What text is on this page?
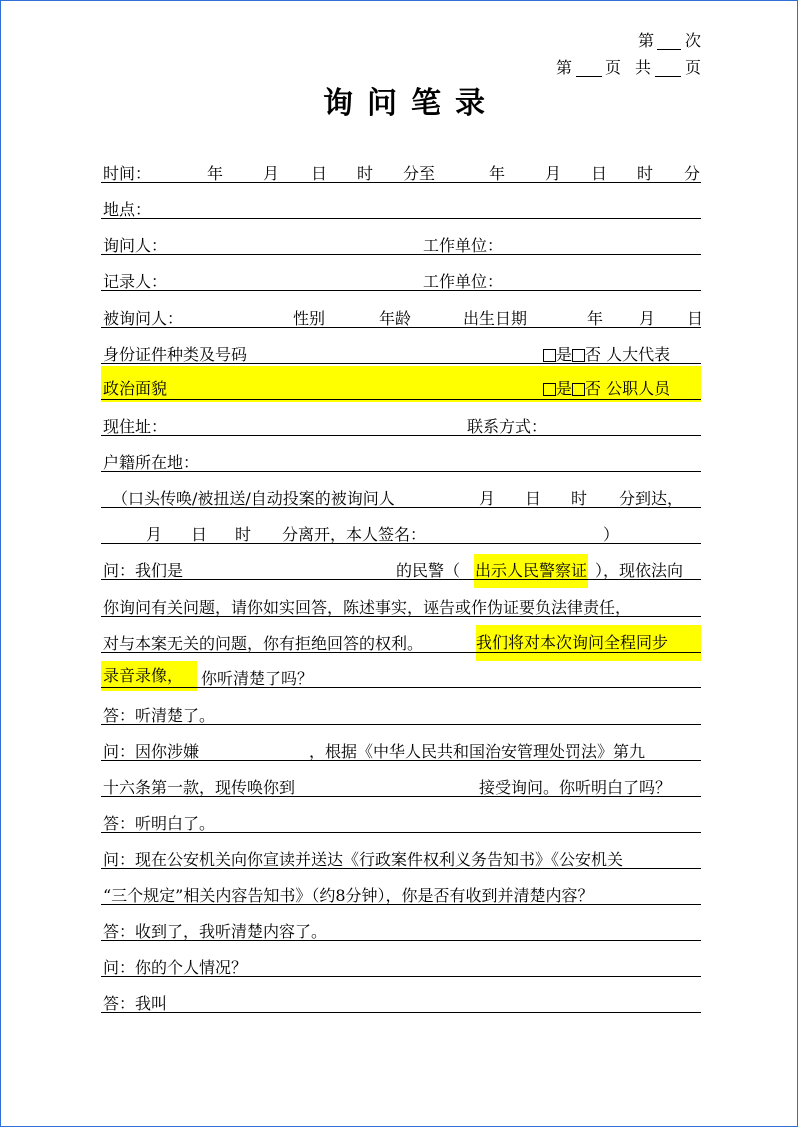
第 次
第 页 共 页
询问笔录
时间：	年 月 日 时 分至	年 月 日 时 分
地点：
询问人：	工作单位：
记录人：	工作单位：
被询问人：	性别	年龄	出生日期	年 月 日
身份证件种类及号码	是 否 人大代表
政治面貌	是 否 公职人员
现住址：	联系方式：
户籍所在地：
（口头传唤/被扭送/自动投案的被询问人	月 日 时 分到达，
月 日 时 分离开，本人签名：	）
问：我们是	的民警（ 出示人民警察证 ），现依法向
你询问有关问题，请你如实回答，陈述事实，诬告或作伪证要负法律责任，
对与本案无关的问题，你有拒绝回答的权利。	我们将对本次询问全程同步
录音录像，	你听清楚了吗？
答：听清楚了。
问：因你涉嫌	，根据《中华人民共和国治安管理处罚法》第九
十六条第一款，现传唤你到	接受询问。你听明白了吗？
答：听明白了。
问：现在公安机关向你宣读并送达《行政案件权利义务告知书》《公安机关
“三个规定”相关内容告知书》（约8分钟），你是否有收到并清楚内容？
答：收到了，我听清楚内容了。
问：你的个人情况？
答：我叫
